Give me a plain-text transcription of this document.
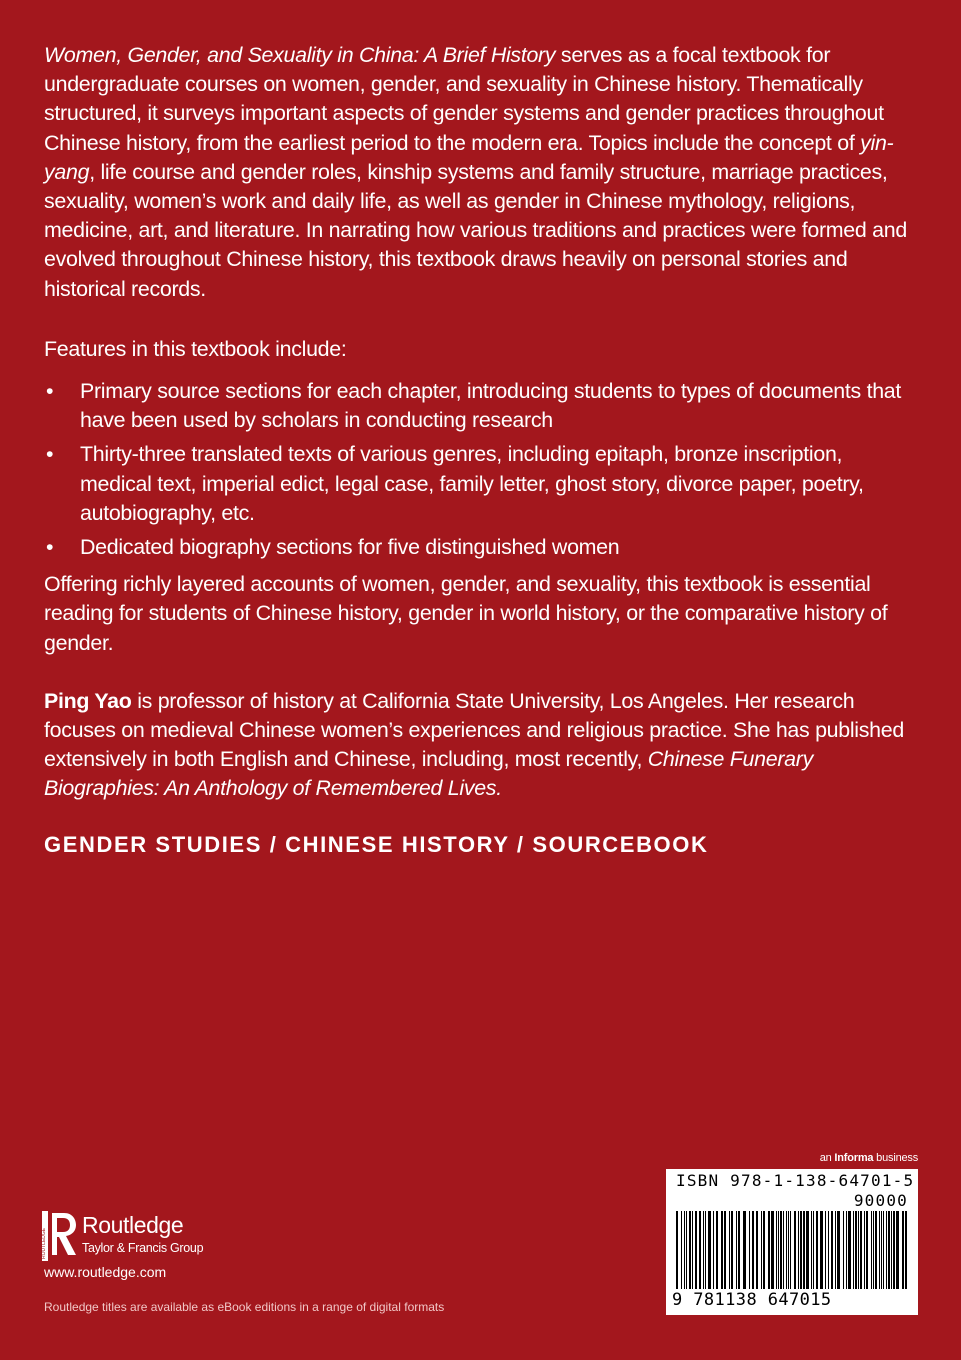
Women, Gender, and Sexuality in China: A Brief History serves as a focal textbook for undergraduate courses on women, gender, and sexuality in Chinese history. Thematically structured, it surveys important aspects of gender systems and gender practices throughout Chinese history, from the earliest period to the modern era. Topics include the concept of yin-yang, life course and gender roles, kinship systems and family structure, marriage practices, sexuality, women’s work and daily life, as well as gender in Chinese mythology, religions, medicine, art, and literature. In narrating how various traditions and practices were formed and evolved throughout Chinese history, this textbook draws heavily on personal stories and historical records.

Features in this textbook include:

• Primary source sections for each chapter, introducing students to types of documents that have been used by scholars in conducting research
• Thirty-three translated texts of various genres, including epitaph, bronze inscription, medical text, imperial edict, legal case, family letter, ghost story, divorce paper, poetry, autobiography, etc.
• Dedicated biography sections for five distinguished women

Offering richly layered accounts of women, gender, and sexuality, this textbook is essential reading for students of Chinese history, gender in world history, or the comparative history of gender.

Ping Yao is professor of history at California State University, Los Angeles. Her research focuses on medieval Chinese women’s experiences and religious practice. She has published extensively in both English and Chinese, including, most recently, Chinese Funerary Biographies: An Anthology of Remembered Lives.

GENDER STUDIES / CHINESE HISTORY / SOURCEBOOK

an Informa business
ISBN 978-1-138-64701-5
90000
9 781138 647015
ROUTLEDGE
Routledge
Taylor & Francis Group
www.routledge.com
Routledge titles are available as eBook editions in a range of digital formats
